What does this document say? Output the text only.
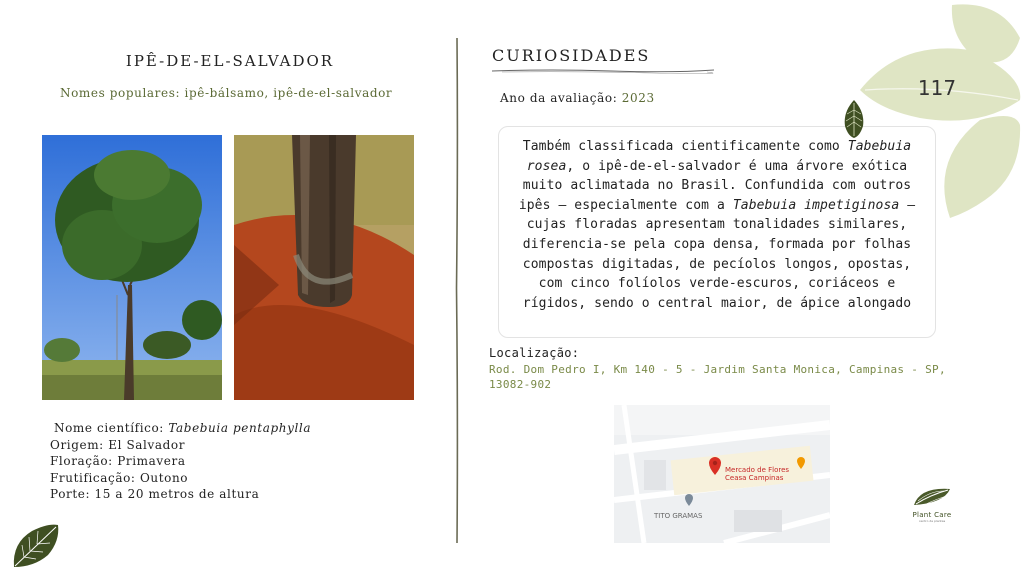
IPÊ-DE-EL-SALVADOR
Nomes populares: ipê-bálsamo, ipê-de-el-salvador
Nome científico: Tabebuia pentaphylla
Origem: El Salvador
Floração: Primavera
Frutificação: Outono
Porte: 15 a 20 metros de altura
CURIOSIDADES
Ano da avaliação: 2023
Também classificada cientificamente como Tabebuia rosea, o ipê-de-el-salvador é uma árvore exótica muito aclimatada no Brasil. Confundida com outros ipês – especialmente com a Tabebuia impetiginosa – cujas floradas apresentam tonalidades similares, diferencia-se pela copa densa, formada por folhas compostas digitadas, de pecíolos longos, opostas, com cinco folíolos verde-escuros, coriáceos e rígidos, sendo o central maior, de ápice alongado
Localização:
Rod. Dom Pedro I, Km 140 - 5 - Jardim Santa Monica, Campinas - SP, 13082-902
Mercado de Flores
Ceasa Campinas
TITO GRAMAS
117
Plant Care
centro de plantas
